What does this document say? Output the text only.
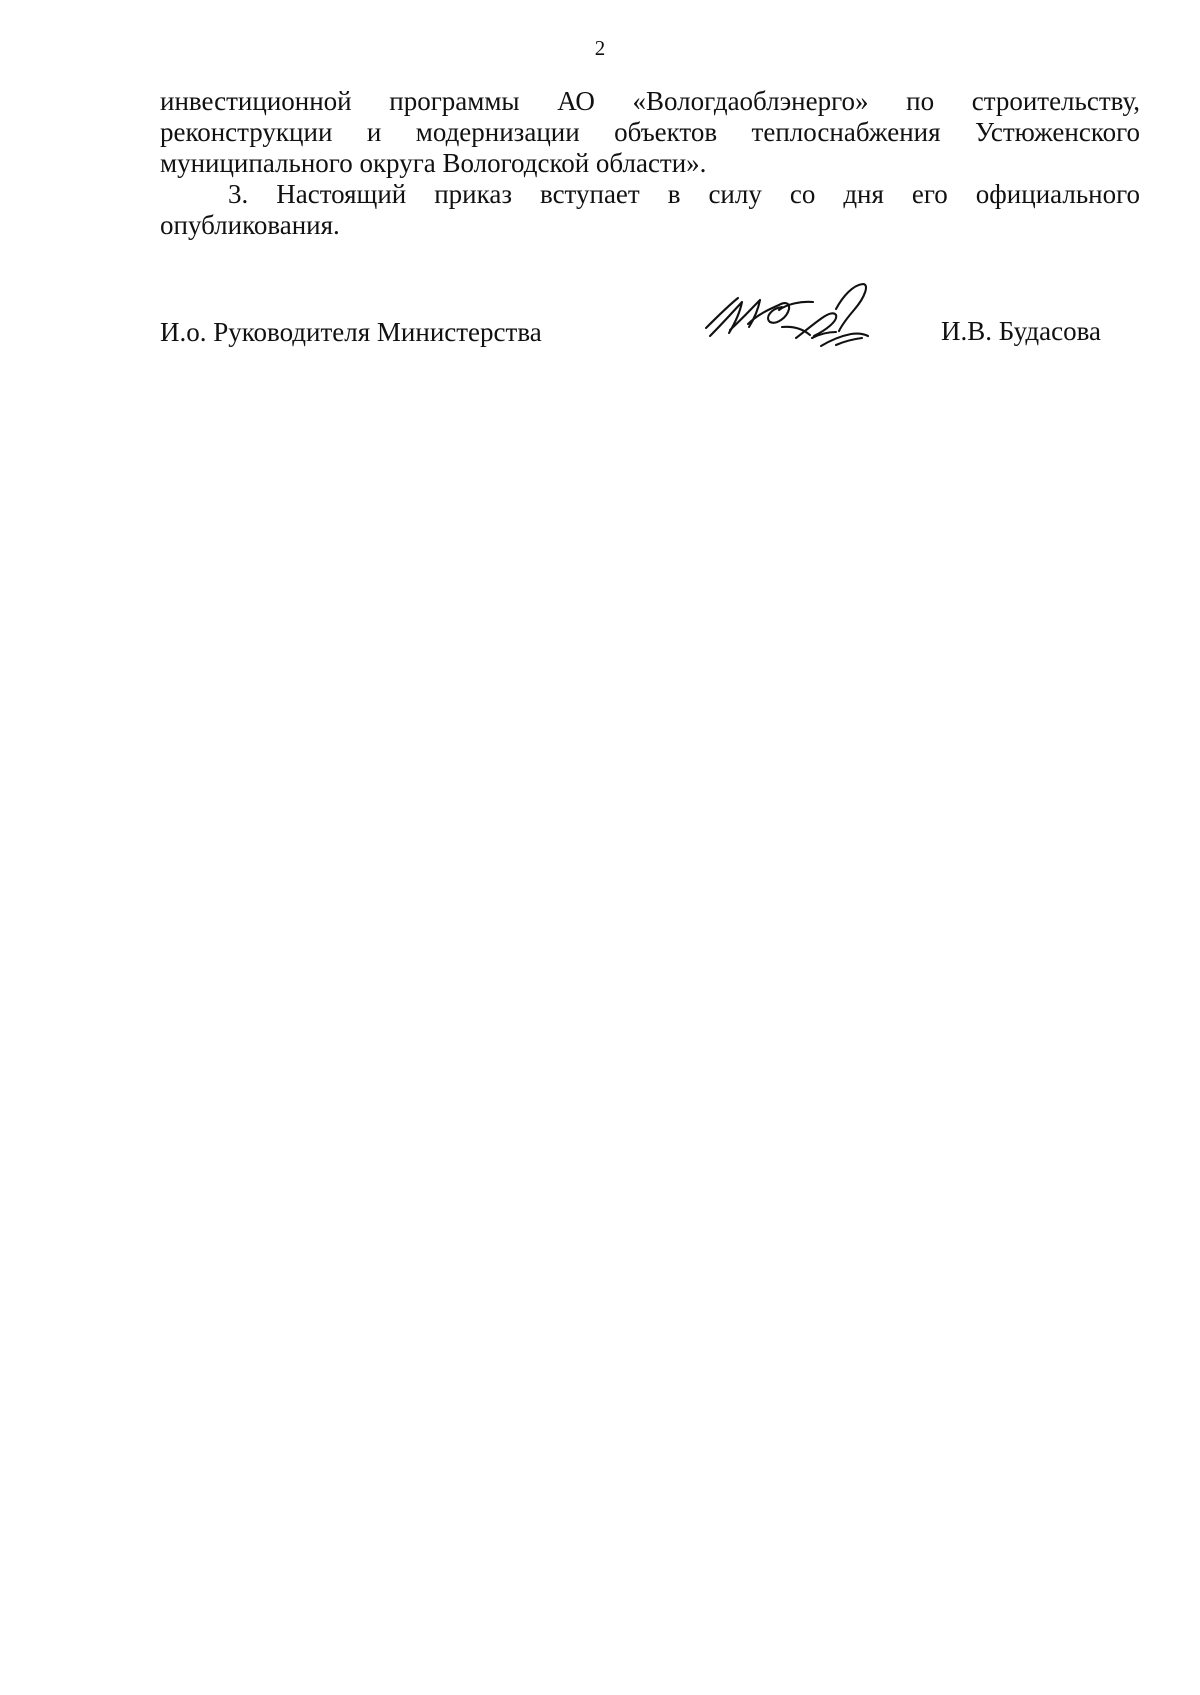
2
инвестиционной программы АО «Вологдаоблэнерго» по строительству,
реконструкции и модернизации объектов теплоснабжения Устюженского
муниципального округа Вологодской области».
3. Настоящий приказ вступает в силу со дня его официального
опубликования.
И.о. Руководителя Министерства	И.В. Будасова
